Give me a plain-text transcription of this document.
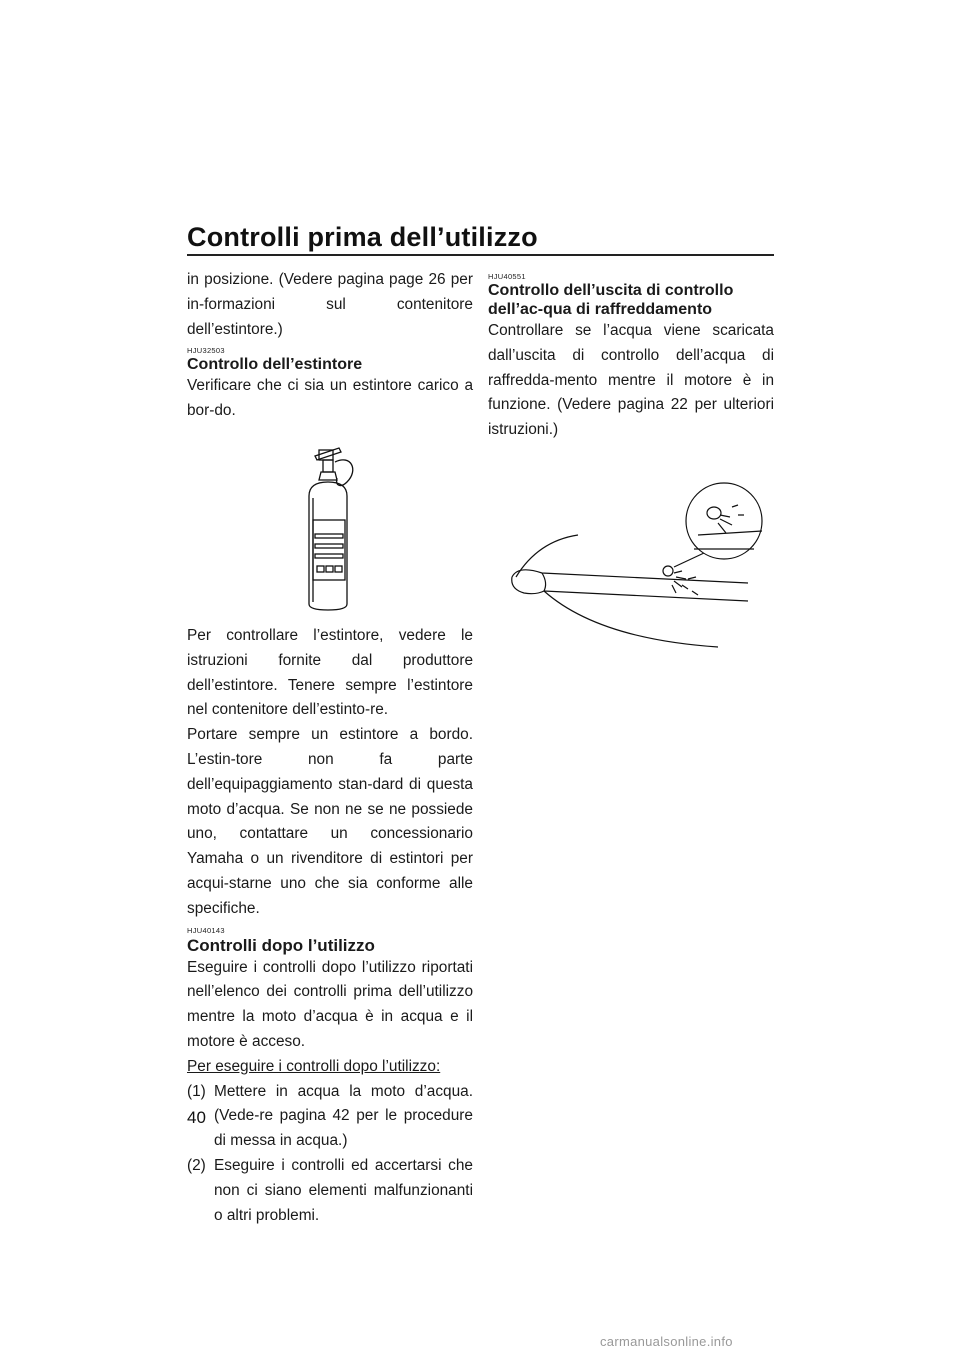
Controlli prima dell’utilizzo

in posizione. (Vedere pagina page 26 per in-formazioni sul contenitore dell’estintore.)

HJU32503
Controllo dell’estintore

Verificare che ci sia un estintore carico a bor-do.

Per controllare l’estintore, vedere le istruzioni fornite dal produttore dell’estintore. Tenere sempre l’estintore nel contenitore dell’estinto-re.

Portare sempre un estintore a bordo. L’estin-tore non fa parte dell’equipaggiamento stan-dard di questa moto d’acqua. Se non ne se ne possiede uno, contattare un concessionario Yamaha o un rivenditore di estintori per acqui-starne uno che sia conforme alle specifiche.

HJU40143
Controlli dopo l’utilizzo

Eseguire i controlli dopo l’utilizzo riportati nell’elenco dei controlli prima dell’utilizzo mentre la moto d’acqua è in acqua e il motore è acceso.

Per eseguire i controlli dopo l’utilizzo:

(1) Mettere in acqua la moto d’acqua. (Vede-re pagina 42 per le procedure di messa in acqua.)
(2) Eseguire i controlli ed accertarsi che non ci siano elementi malfunzionanti o altri problemi.
HJU40551
Controllo dell’uscita di controllo dell’ac-qua di raffreddamento

Controllare se l’acqua viene scaricata dall’uscita di controllo dell’acqua di raffredda-mento mentre il motore è in funzione. (Vedere pagina 22 per ulteriori istruzioni.)

40
carmanualsonline.info
